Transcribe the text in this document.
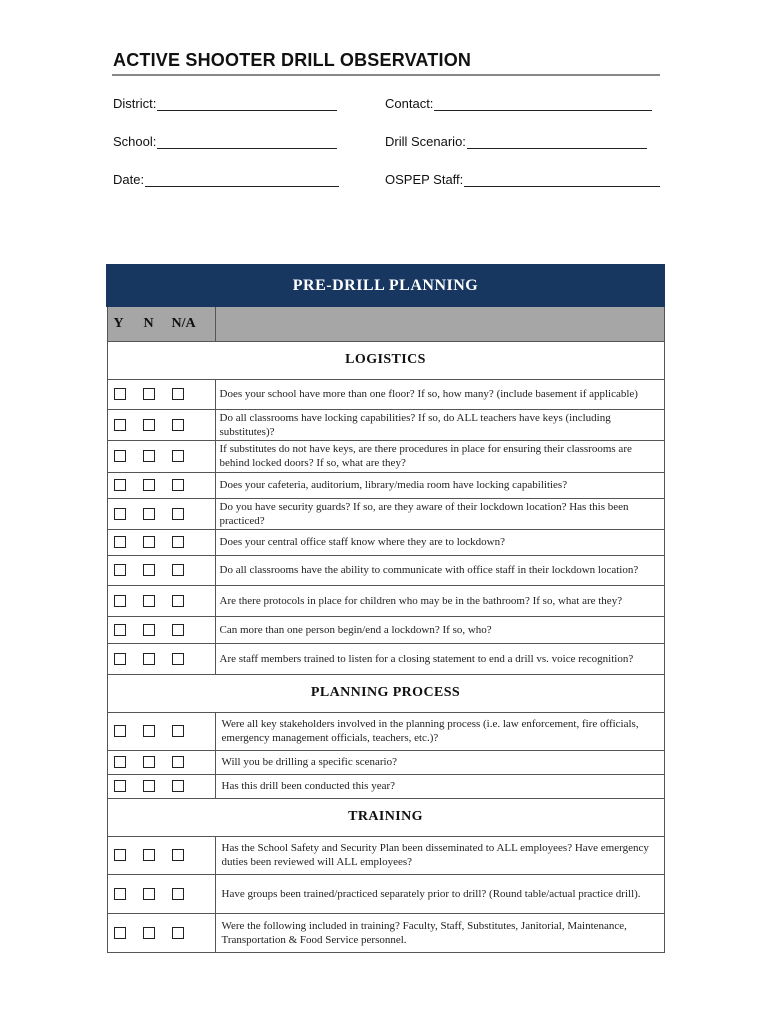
ACTIVE SHOOTER DRILL OBSERVATION
District:	Contact:
School:	Drill Scenario:
Date:	OSPEP Staff:
PRE-DRILL PLANNING	
Y N N/A	
LOGISTICS	
	Does your school have more than one floor? If so, how many? (include basement if applicable)
	Do all classrooms have locking capabilities? If so, do ALL teachers have keys (including substitutes)?
	If substitutes do not have keys, are there procedures in place for ensuring their classrooms are behind locked doors? If so, what are they?
	Does your cafeteria, auditorium, library/media room have locking capabilities?
	Do you have security guards? If so, are they aware of their lockdown location? Has this been practiced?
	Does your central office staff know where they are to lockdown?
	Do all classrooms have the ability to communicate with office staff in their lockdown location?
	Are there protocols in place for children who may be in the bathroom? If so, what are they?
	Can more than one person begin/end a lockdown? If so, who?
	Are staff members trained to listen for a closing statement to end a drill vs. voice recognition?
PLANNING PROCESS	
	Were all key stakeholders involved in the planning process (i.e. law enforcement, fire officials, emergency management officials, teachers, etc.)?
	Will you be drilling a specific scenario?
	Has this drill been conducted this year?
TRAINING	
	Has the School Safety and Security Plan been disseminated to ALL employees? Have emergency duties been reviewed will ALL employees?
	Have groups been trained/practiced separately prior to drill? (Round table/actual practice drill).
	Were the following included in training? Faculty, Staff, Substitutes, Janitorial, Maintenance, Transportation & Food Service personnel.
